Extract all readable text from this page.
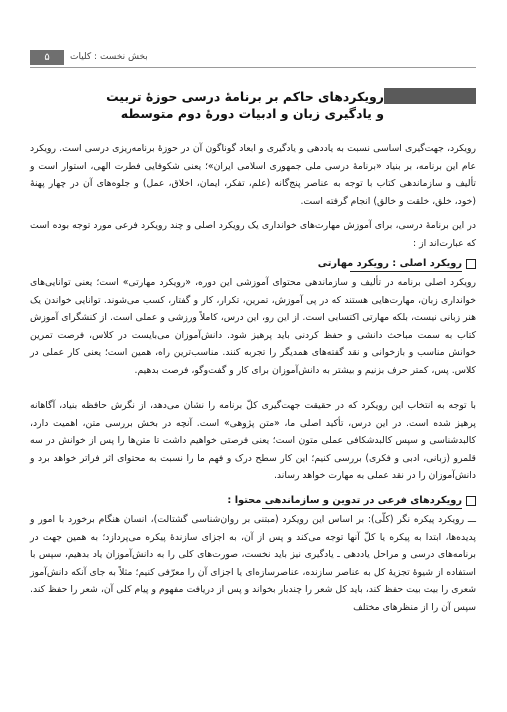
۵	بخش نخست : کلیات
رویکردهای حاکم بر برنامهٔ درسی حوزهٔ تربیت
و یادگیری زبان و ادبیات دورهٔ دوم متوسطه
رویکرد، جهت‌گیری اساسی نسبت به یاددهی و یادگیری و ابعاد گوناگون آن در حوزهٔ برنامه‌ریزی درسی است. رویکرد عام این برنامه، بر بنیاد «برنامهٔ درسی ملی جمهوری اسلامی ایران»؛ یعنی شکوفایی فطرت الهی، استوار است و تألیف و سازماندهی کتاب با توجه به عناصر پنج‌گانه (علم، تفکر، ایمان، اخلاق، عمل) و جلوه‌های آن در چهار پهنهٔ (خود، خلق، خلقت و خالق) انجام گرفته است.
در این برنامهٔ درسی، برای آموزش مهارت‌های خوانداری یک رویکرد اصلی و چند رویکرد فرعی مورد توجه بوده است که عبارت‌اند از :
رویکرد اصلی : رویکرد مهارتی
رویکرد اصلی برنامه در تألیف و سازماندهی محتوای آموزشی این دوره، «رویکرد مهارتی» است؛ یعنی توانایی‌های خوانداری زبان، مهارت‌هایی هستند که در پی آموزش، تمرین، تکرار، کار و گفتار، کسب می‌شوند. توانایی خواندن یک هنر زبانی نیست، بلکه مهارتی اکتسابی است. از این رو، این درس، کاملاً ورزشی و عملی است. از کنشگرای آموزش کتاب به سمت مباحث دانشی و حفظ کردنی باید پرهیز شود. دانش‌آموزان می‌بایست در کلاس، فرصت تمرین خوانش مناسب و بازخوانی و نقد گفته‌های همدیگر را تجربه کنند. مناسب‌ترین راه، همین است؛ یعنی کار عملی در کلاس. پس، کمتر حرف بزنیم و بیشتر به دانش‌آموزان برای کار و گفت‌وگو، فرصت بدهیم.
با توجه به انتخاب این رویکرد که در حقیقت جهت‌گیری کلّ برنامه را نشان می‌دهد، از نگرش حافظه بنیاد، آگاهانه پرهیز شده است. در این درس، تأکید اصلی ما، «متن پژوهی» است. آنچه در بخش بررسی متن، اهمیت دارد، کالبدشناسی و سپس کالبدشکافی عملی متون است؛ یعنی فرصتی خواهیم داشت تا متن‌ها را پس از خوانش در سه قلمرو (زبانی، ادبی و فکری) بررسی کنیم؛ این کار سطح درک و فهم ما را نسبت به محتوای اثر فراتر خواهد برد و دانش‌آموزان را در نقد عملی به مهارت خواهد رساند.
رویکردهای فرعی در تدوین و سازماندهی محتوا :
ـــ رویکرد پیکره نگر (کلّی): بر اساس این رویکرد (مبتنی بر روان‌شناسی گشتالت)، انسان هنگام برخورد با امور و پدیده‌ها، ابتدا به پیکره یا کلّ آنها توجه می‌کند و پس از آن، به اجزای سازندهٔ پیکره می‌پردازد؛ به همین جهت در برنامه‌های درسی و مراحل یاددهی ـ یادگیری نیز باید نخست، صورت‌های کلی را به دانش‌آموزان یاد بدهیم، سپس با استفاده از شیوهٔ تجزیهٔ کل به عناصر سازنده، عناصرسازه‌ای یا اجزای آن را معرّفی کنیم؛ مثلاً به جای آنکه دانش‌آموز شعری را بیت بیت حفظ کند، باید کل شعر را چندبار بخواند و پس از دریافت مفهوم و پیام کلی آن، شعر را حفظ کند. سپس آن را از منظرهای مختلف
